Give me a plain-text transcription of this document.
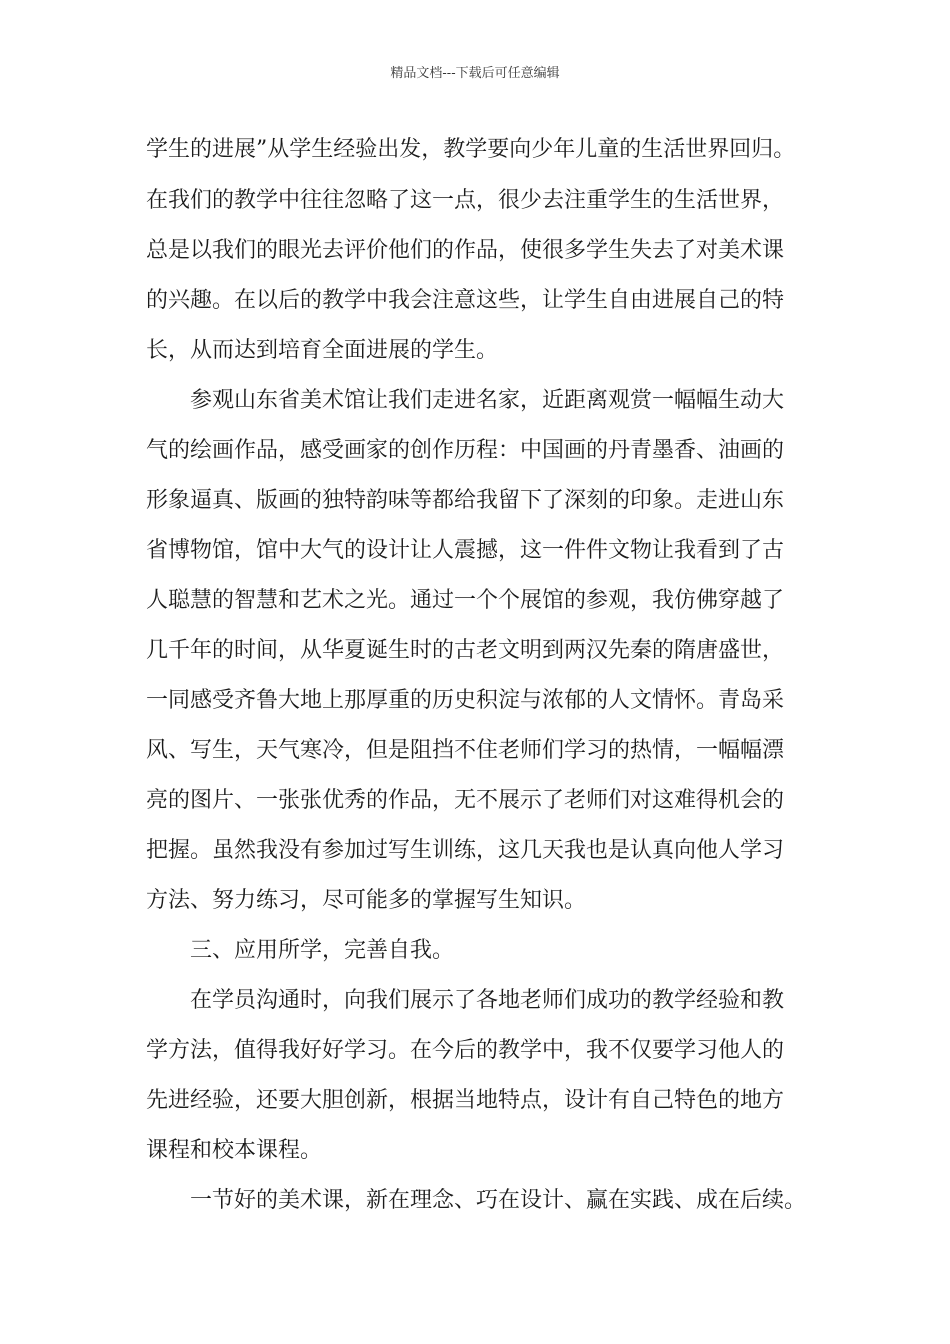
精品文档---下载后可任意编辑
学生的进展”从学生经验出发，教学要向少年儿童的生活世界回归。
在我们的教学中往往忽略了这一点，很少去注重学生的生活世界，
总是以我们的眼光去评价他们的作品，使很多学生失去了对美术课
的兴趣。在以后的教学中我会注意这些，让学生自由进展自己的特
长，从而达到培育全面进展的学生。
参观山东省美术馆让我们走进名家，近距离观赏一幅幅生动大
气的绘画作品，感受画家的创作历程：中国画的丹青墨香、油画的
形象逼真、版画的独特韵味等都给我留下了深刻的印象。走进山东
省博物馆，馆中大气的设计让人震撼，这一件件文物让我看到了古
人聪慧的智慧和艺术之光。通过一个个展馆的参观，我仿佛穿越了
几千年的时间，从华夏诞生时的古老文明到两汉先秦的隋唐盛世，
一同感受齐鲁大地上那厚重的历史积淀与浓郁的人文情怀。青岛采
风、写生，天气寒冷，但是阻挡不住老师们学习的热情，一幅幅漂
亮的图片、一张张优秀的作品，无不展示了老师们对这难得机会的
把握。虽然我没有参加过写生训练，这几天我也是认真向他人学习
方法、努力练习，尽可能多的掌握写生知识。
三、应用所学，完善自我。
在学员沟通时，向我们展示了各地老师们成功的教学经验和教
学方法，值得我好好学习。在今后的教学中，我不仅要学习他人的
先进经验，还要大胆创新，根据当地特点，设计有自己特色的地方
课程和校本课程。
一节好的美术课，新在理念、巧在设计、赢在实践、成在后续。
